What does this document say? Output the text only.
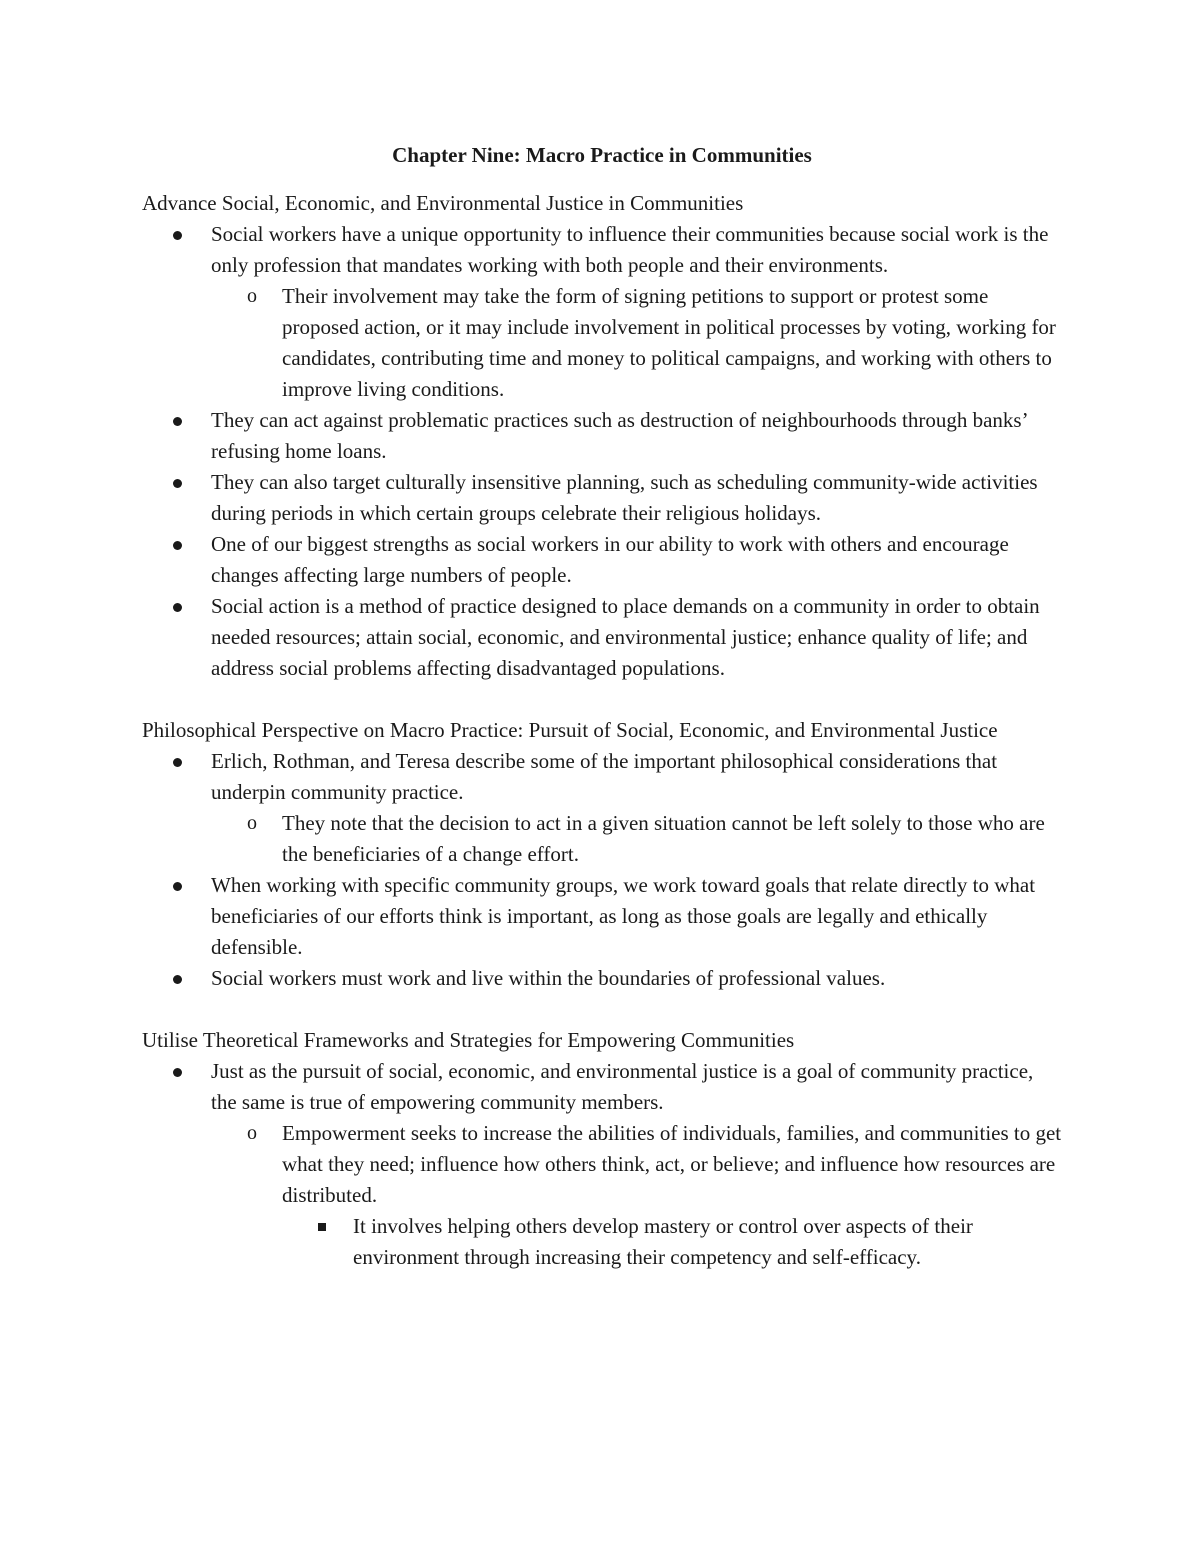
Chapter Nine: Macro Practice in Communities

Advance Social, Economic, and Environmental Justice in Communities

Social workers have a unique opportunity to influence their communities because social work is the only profession that mandates working with both people and their environments.
o Their involvement may take the form of signing petitions to support or protest some proposed action, or it may include involvement in political processes by voting, working for candidates, contributing time and money to political campaigns, and working with others to improve living conditions.
They can act against problematic practices such as destruction of neighbourhoods through banks’ refusing home loans.
They can also target culturally insensitive planning, such as scheduling community-wide activities during periods in which certain groups celebrate their religious holidays.
One of our biggest strengths as social workers in our ability to work with others and encourage changes affecting large numbers of people.
Social action is a method of practice designed to place demands on a community in order to obtain needed resources; attain social, economic, and environmental justice; enhance quality of life; and address social problems affecting disadvantaged populations.

Philosophical Perspective on Macro Practice: Pursuit of Social, Economic, and Environmental Justice

Erlich, Rothman, and Teresa describe some of the important philosophical considerations that underpin community practice.
o They note that the decision to act in a given situation cannot be left solely to those who are the beneficiaries of a change effort.
When working with specific community groups, we work toward goals that relate directly to what beneficiaries of our efforts think is important, as long as those goals are legally and ethically defensible.
Social workers must work and live within the boundaries of professional values.

Utilise Theoretical Frameworks and Strategies for Empowering Communities

Just as the pursuit of social, economic, and environmental justice is a goal of community practice, the same is true of empowering community members.
o Empowerment seeks to increase the abilities of individuals, families, and communities to get what they need; influence how others think, act, or believe; and influence how resources are distributed.
It involves helping others develop mastery or control over aspects of their environment through increasing their competency and self-efficacy.
